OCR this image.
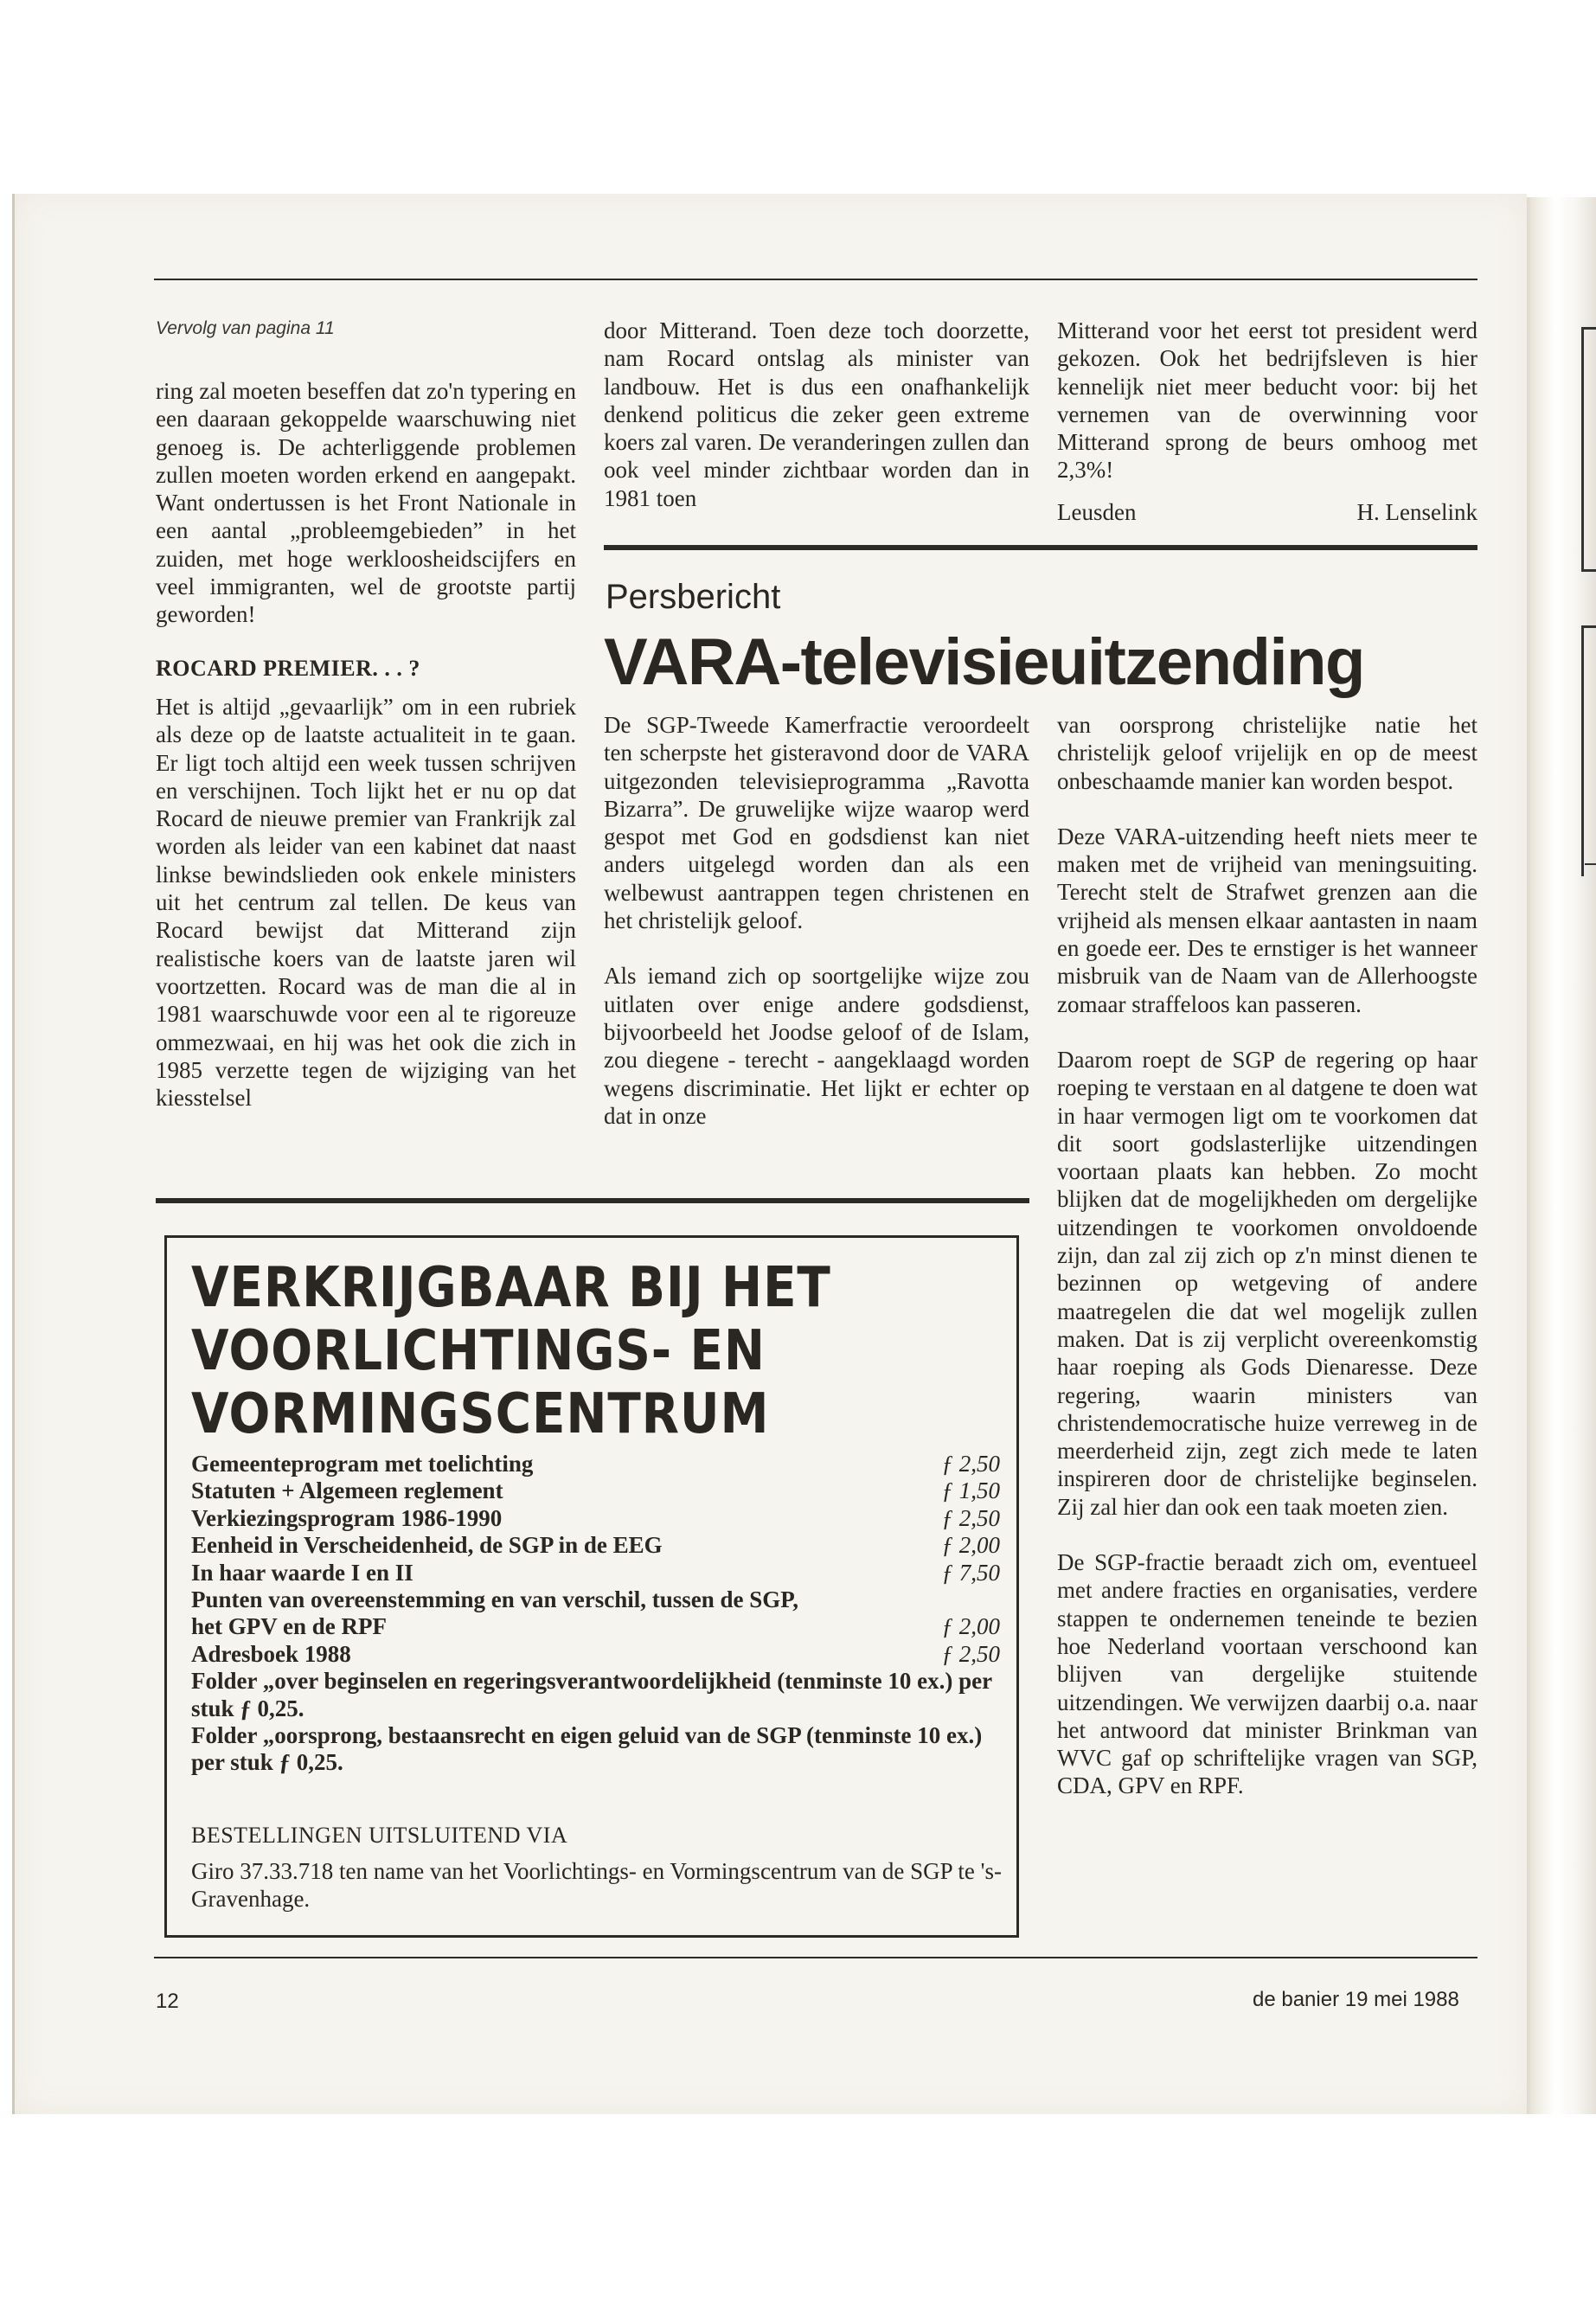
Vervolg van pagina 11

ring zal moeten beseffen dat zo'n typering en een daaraan gekoppelde waarschuwing niet genoeg is. De achterliggende problemen zullen moeten worden erkend en aangepakt. Want ondertussen is het Front Nationale in een aantal „probleemgebieden” in het zuiden, met hoge werkloosheidscijfers en veel immigranten, wel de grootste partij geworden!

ROCARD PREMIER. . . ?

Het is altijd „gevaarlijk” om in een rubriek als deze op de laatste actualiteit in te gaan. Er ligt toch altijd een week tussen schrijven en verschijnen. Toch lijkt het er nu op dat Rocard de nieuwe premier van Frankrijk zal worden als leider van een kabinet dat naast linkse bewindslieden ook enkele ministers uit het centrum zal tellen. De keus van Rocard bewijst dat Mitterand zijn realistische koers van de laatste jaren wil voortzetten. Rocard was de man die al in 1981 waarschuwde voor een al te rigoreuze ommezwaai, en hij was het ook die zich in 1985 verzette tegen de wijziging van het kiesstelsel

door Mitterand. Toen deze toch doorzette, nam Rocard ontslag als minister van landbouw. Het is dus een onafhankelijk denkend politicus die zeker geen extreme koers zal varen. De veranderingen zullen dan ook veel minder zichtbaar worden dan in 1981 toen

Mitterand voor het eerst tot president werd gekozen. Ook het bedrijfsleven is hier kennelijk niet meer beducht voor: bij het vernemen van de overwinning voor Mitterand sprong de beurs omhoog met 2,3%!

Leusden	H. Lenselink
Persbericht
VARA-televisieuitzending

De SGP-Tweede Kamerfractie veroordeelt ten scherpste het gisteravond door de VARA uitgezonden televisieprogramma „Ravotta Bizarra”. De gruwelijke wijze waarop werd gespot met God en godsdienst kan niet anders uitgelegd worden dan als een welbewust aantrappen tegen christenen en het christelijk geloof.

Als iemand zich op soortgelijke wijze zou uitlaten over enige andere godsdienst, bijvoorbeeld het Joodse geloof of de Islam, zou diegene - terecht - aangeklaagd worden wegens discriminatie. Het lijkt er echter op dat in onze

van oorsprong christelijke natie het christelijk geloof vrijelijk en op de meest onbeschaamde manier kan worden bespot.

Deze VARA-uitzending heeft niets meer te maken met de vrijheid van meningsuiting. Terecht stelt de Strafwet grenzen aan die vrijheid als mensen elkaar aantasten in naam en goede eer. Des te ernstiger is het wanneer misbruik van de Naam van de Allerhoogste zomaar straffeloos kan passeren.

Daarom roept de SGP de regering op haar roeping te verstaan en al datgene te doen wat in haar vermogen ligt om te voorkomen dat dit soort godslasterlijke uitzendingen voortaan plaats kan hebben. Zo mocht blijken dat de mogelijkheden om dergelijke uitzendingen te voorkomen onvoldoende zijn, dan zal zij zich op z'n minst dienen te bezinnen op wetgeving of andere maatregelen die dat wel mogelijk zullen maken. Dat is zij verplicht overeenkomstig haar roeping als Gods Dienaresse. Deze regering, waarin ministers van christendemocratische huize verreweg in de meerderheid zijn, zegt zich mede te laten inspireren door de christelijke beginselen. Zij zal hier dan ook een taak moeten zien.

De SGP-fractie beraadt zich om, eventueel met andere fracties en organisaties, verdere stappen te ondernemen teneinde te bezien hoe Nederland voortaan verschoond kan blijven van dergelijke stuitende uitzendingen. We verwijzen daarbij o.a. naar het antwoord dat minister Brinkman van WVC gaf op schriftelijke vragen van SGP, CDA, GPV en RPF.

VERKRIJGBAAR BIJ HET
VOORLICHTINGS- EN
VORMINGSCENTRUM
Gemeenteprogram met toelichting	ƒ 2,50
Statuten + Algemeen reglement	ƒ 1,50
Verkiezingsprogram 1986-1990	ƒ 2,50
Eenheid in Verscheidenheid, de SGP in de EEG	ƒ 2,00
In haar waarde I en II	ƒ 7,50
Punten van overeenstemming en van verschil, tussen de SGP,
het GPV en de RPF	ƒ 2,00
Adresboek 1988	ƒ 2,50
Folder „over beginselen en regeringsverantwoordelijkheid (tenminste 10 ex.) per stuk ƒ 0,25.
Folder „oorsprong, bestaansrecht en eigen geluid van de SGP (tenminste 10 ex.) per stuk ƒ 0,25.
BESTELLINGEN UITSLUITEND VIA
Giro 37.33.718 ten name van het Voorlichtings- en Vormingscentrum van de SGP te 's-Gravenhage.
12	de banier 19 mei 1988
